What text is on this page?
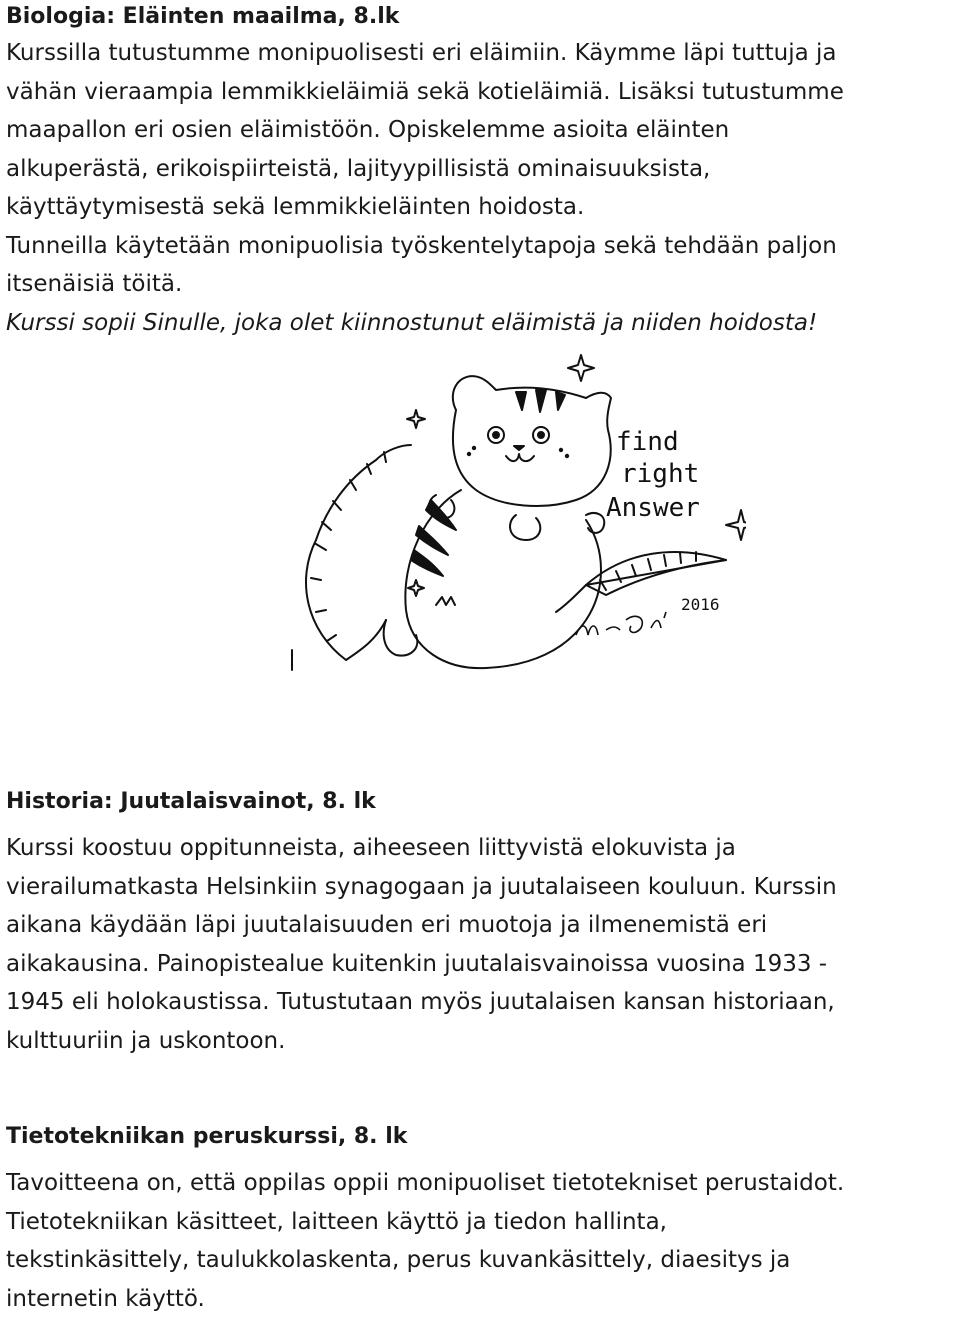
Biologia: Eläinten maailma, 8.lk

Kurssilla tutustumme monipuolisesti eri eläimiin. Käymme läpi tuttuja ja

vähän vieraampia lemmikkieläimiä sekä kotieläimiä. Lisäksi tutustumme

maapallon eri osien eläimistöön. Opiskelemme asioita eläinten

alkuperästä, erikoispiirteistä, lajityypillisistä ominaisuuksista,

käyttäytymisestä sekä lemmikkieläinten hoidosta.

Tunneilla käytetään monipuolisia työskentelytapoja sekä tehdään paljon

itsenäisiä töitä.

Kurssi sopii Sinulle, joka olet kiinnostunut eläimistä ja niiden hoidosta!

find
right
Answer
2016
Historia: Juutalaisvainot, 8. lk

Kurssi koostuu oppitunneista, aiheeseen liittyvistä elokuvista ja

vierailumatkasta Helsinkiin synagogaan ja juutalaiseen kouluun. Kurssin

aikana käydään läpi juutalaisuuden eri muotoja ja ilmenemistä eri

aikakausina. Painopistealue kuitenkin juutalaisvainoissa vuosina 1933 -

1945 eli holokaustissa. Tutustutaan myös juutalaisen kansan historiaan,

kulttuuriin ja uskontoon.

Tietotekniikan peruskurssi, 8. lk

Tavoitteena on, että oppilas oppii monipuoliset tietotekniset perustaidot.

Tietotekniikan käsitteet, laitteen käyttö ja tiedon hallinta,

tekstinkäsittely, taulukkolaskenta, perus kuvankäsittely, diaesitys ja

internetin käyttö.
